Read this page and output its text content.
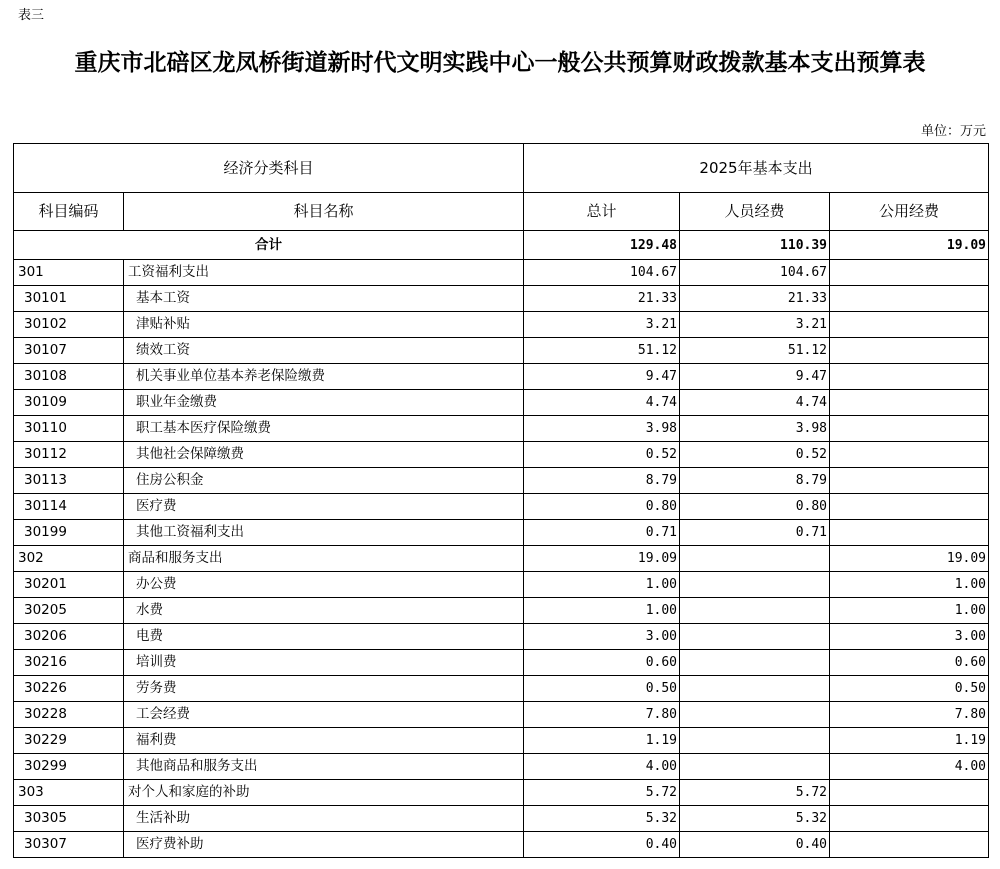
表三
重庆市北碚区龙凤桥街道新时代文明实践中心一般公共预算财政拨款基本支出预算表
单位：万元
经济分类科目		2025年基本支出		
科目编码	科目名称	总计	人员经费	公用经费
合计		129.48	110.39	19.09
301	工资福利支出	104.67	104.67	
30101	基本工资	21.33	21.33	
30102	津贴补贴	3.21	3.21	
30107	绩效工资	51.12	51.12	
30108	机关事业单位基本养老保险缴费	9.47	9.47	
30109	职业年金缴费	4.74	4.74	
30110	职工基本医疗保险缴费	3.98	3.98	
30112	其他社会保障缴费	0.52	0.52	
30113	住房公积金	8.79	8.79	
30114	医疗费	0.80	0.80	
30199	其他工资福利支出	0.71	0.71	
302	商品和服务支出	19.09		19.09
30201	办公费	1.00		1.00
30205	水费	1.00		1.00
30206	电费	3.00		3.00
30216	培训费	0.60		0.60
30226	劳务费	0.50		0.50
30228	工会经费	7.80		7.80
30229	福利费	1.19		1.19
30299	其他商品和服务支出	4.00		4.00
303	对个人和家庭的补助	5.72	5.72	
30305	生活补助	5.32	5.32	
30307	医疗费补助	0.40	0.40	
